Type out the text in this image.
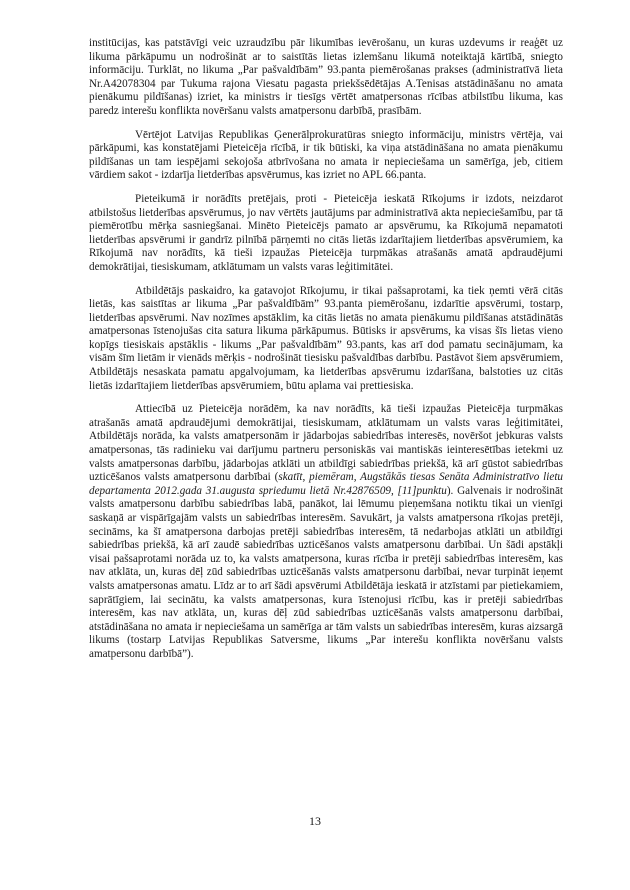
institūcijas, kas patstāvīgi veic uzraudzību pār likumības ievērošanu, un kuras uzdevums ir reaģēt uz likuma pārkāpumu un nodrošināt ar to saistītās lietas izlemšanu likumā noteiktajā kārtībā, sniegto informāciju. Turklāt, no likuma „Par pašvaldībām” 93.panta piemērošanas prakses (administratīvā lieta Nr.A42078304 par Tukuma rajona Viesatu pagasta priekšsēdētājas A.Tenisas atstādināšanu no amata pienākumu pildīšanas) izriet, ka ministrs ir tiesīgs vērtēt amatpersonas rīcības atbilstību likuma, kas paredz interešu konflikta novēršanu valsts amatpersonu darbībā, prasībām.

Vērtējot Latvijas Republikas Ģenerālprokuratūras sniegto informāciju, ministrs vērtēja, vai pārkāpumi, kas konstatējami Pieteicēja rīcībā, ir tik būtiski, ka viņa atstādināšana no amata pienākumu pildīšanas un tam iespējami sekojoša atbrīvošana no amata ir nepieciešama un samērīga, jeb, citiem vārdiem sakot - izdarīja lietderības apsvērumus, kas izriet no APL 66.panta.

Pieteikumā ir norādīts pretējais, proti - Pieteicēja ieskatā Rīkojums ir izdots, neizdarot atbilstošus lietderības apsvērumus, jo nav vērtēts jautājums par administratīvā akta nepieciešamību, par tā piemērotību mērķa sasniegšanai. Minēto Pieteicējs pamato ar apsvērumu, ka Rīkojumā nepamatoti lietderības apsvērumi ir gandrīz pilnībā pārņemti no citās lietās izdarītajiem lietderības apsvērumiem, ka Rīkojumā nav norādīts, kā tieši izpaužas Pieteicēja turpmākas atrašanās amatā apdraudējumi demokrātijai, tiesiskumam, atklātumam un valsts varas leģitimitātei.

Atbildētājs paskaidro, ka gatavojot Rīkojumu, ir tikai pašsaprotami, ka tiek ņemti vērā citās lietās, kas saistītas ar likuma „Par pašvaldībām” 93.panta piemērošanu, izdarītie apsvērumi, tostarp, lietderības apsvērumi. Nav nozīmes apstāklim, ka citās lietās no amata pienākumu pildīšanas atstādinātās amatpersonas īstenojušas cita satura likuma pārkāpumus. Būtisks ir apsvērums, ka visas šīs lietas vieno kopīgs tiesiskais apstāklis - likums „Par pašvaldībām” 93.pants, kas arī dod pamatu secinājumam, ka visām šīm lietām ir vienāds mērķis - nodrošināt tiesisku pašvaldības darbību. Pastāvot šiem apsvērumiem, Atbildētājs nesaskata pamatu apgalvojumam, ka lietderības apsvērumu izdarīšana, balstoties uz citās lietās izdarītajiem lietderības apsvērumiem, būtu aplama vai prettiesiska.

Attiecībā uz Pieteicēja norādēm, ka nav norādīts, kā tieši izpaužas Pieteicēja turpmākas atrašanās amatā apdraudējumi demokrātijai, tiesiskumam, atklātumam un valsts varas leģitimitātei, Atbildētājs norāda, ka valsts amatpersonām ir jādarbojas sabiedrības interesēs, novēršot jebkuras valsts amatpersonas, tās radinieku vai darījumu partneru personiskās vai mantiskās ieinteresētības ietekmi uz valsts amatpersonas darbību, jādarbojas atklāti un atbildīgi sabiedrības priekšā, kā arī gūstot sabiedrības uzticēšanos valsts amatpersonu darbībai (skatīt, piemēram, Augstākās tiesas Senāta Administratīvo lietu departamenta 2012.gada 31.augusta spriedumu lietā Nr.42876509, [11]punktu). Galvenais ir nodrošināt valsts amatpersonu darbību sabiedrības labā, panākot, lai lēmumu pieņemšana notiktu tikai un vienīgi saskaņā ar vispārīgajām valsts un sabiedrības interesēm. Savukārt, ja valsts amatpersona rīkojas pretēji, secināms, ka šī amatpersona darbojas pretēji sabiedrības interesēm, tā nedarbojas atklāti un atbildīgi sabiedrības priekšā, kā arī zaudē sabiedrības uzticēšanos valsts amatpersonu darbībai. Un šādi apstākļi visai pašsaprotami norāda uz to, ka valsts amatpersona, kuras rīcība ir pretēji sabiedrības interesēm, kas nav atklāta, un, kuras dēļ zūd sabiedrības uzticēšanās valsts amatpersonu darbībai, nevar turpināt ieņemt valsts amatpersonas amatu. Līdz ar to arī šādi apsvērumi Atbildētāja ieskatā ir atzīstami par pietiekamiem, saprātīgiem, lai secinātu, ka valsts amatpersonas, kura īstenojusi rīcību, kas ir pretēji sabiedrības interesēm, kas nav atklāta, un, kuras dēļ zūd sabiedrības uzticēšanās valsts amatpersonu darbībai, atstādināšana no amata ir nepieciešama un samērīga ar tām valsts un sabiedrības interesēm, kuras aizsargā likums (tostarp Latvijas Republikas Satversme, likums „Par interešu konflikta novēršanu valsts amatpersonu darbībā”).

13
